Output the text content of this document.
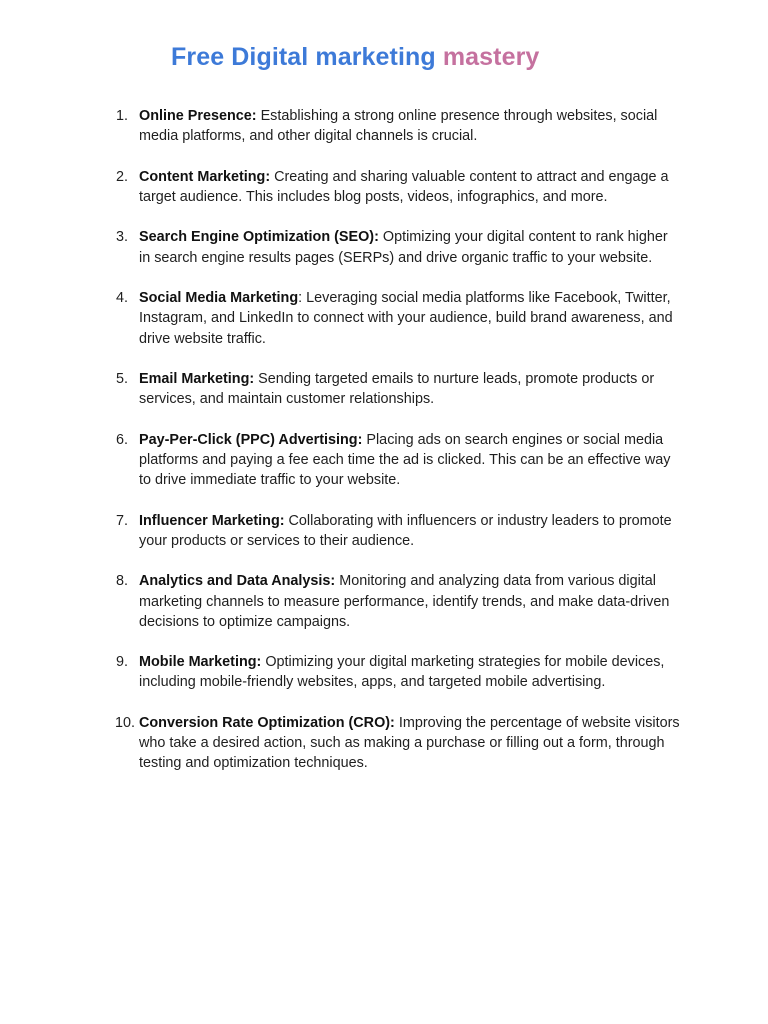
Free Digital marketing mastery
1. Online Presence: Establishing a strong online presence through websites, social media platforms, and other digital channels is crucial.
2. Content Marketing: Creating and sharing valuable content to attract and engage a target audience. This includes blog posts, videos, infographics, and more.
3. Search Engine Optimization (SEO): Optimizing your digital content to rank higher in search engine results pages (SERPs) and drive organic traffic to your website.
4. Social Media Marketing: Leveraging social media platforms like Facebook, Twitter, Instagram, and LinkedIn to connect with your audience, build brand awareness, and drive website traffic.
5. Email Marketing: Sending targeted emails to nurture leads, promote products or services, and maintain customer relationships.
6. Pay-Per-Click (PPC) Advertising: Placing ads on search engines or social media platforms and paying a fee each time the ad is clicked. This can be an effective way to drive immediate traffic to your website.
7. Influencer Marketing: Collaborating with influencers or industry leaders to promote your products or services to their audience.
8. Analytics and Data Analysis: Monitoring and analyzing data from various digital marketing channels to measure performance, identify trends, and make data-driven decisions to optimize campaigns.
9. Mobile Marketing: Optimizing your digital marketing strategies for mobile devices, including mobile-friendly websites, apps, and targeted mobile advertising.
10. Conversion Rate Optimization (CRO): Improving the percentage of website visitors who take a desired action, such as making a purchase or filling out a form, through testing and optimization techniques.
